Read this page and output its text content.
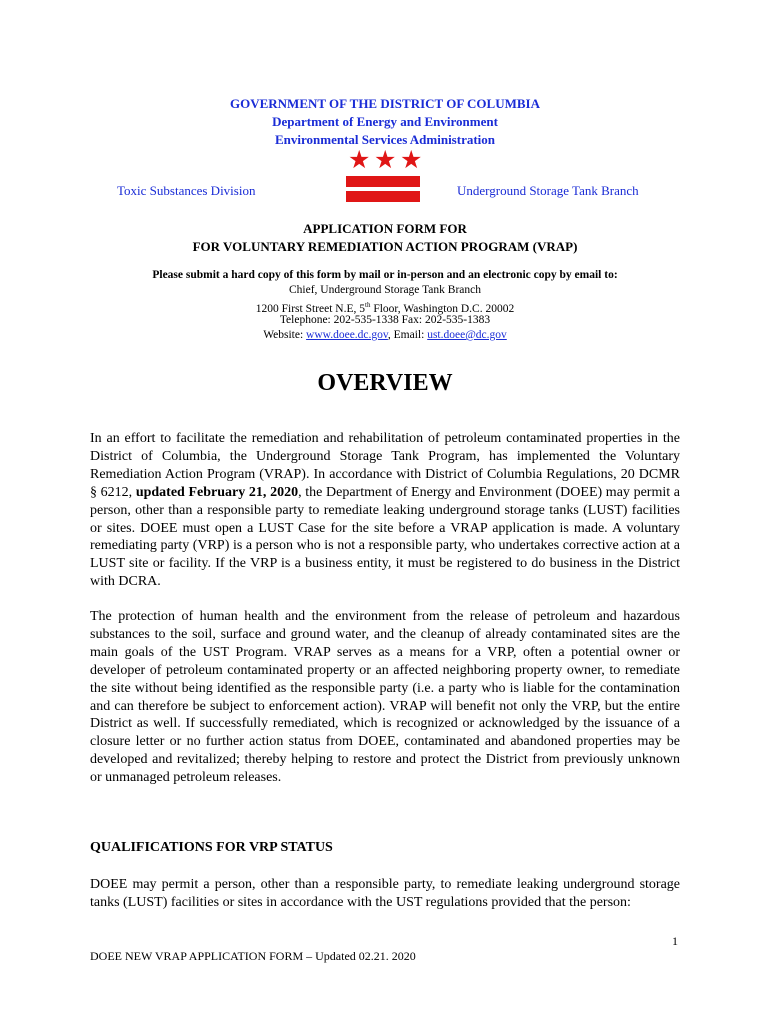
GOVERNMENT OF THE DISTRICT OF COLUMBIA
Department of Energy and Environment
Environmental Services Administration
★ ★ ★
Toxic Substances Division	Underground Storage Tank Branch
APPLICATION FORM FOR
FOR VOLUNTARY REMEDIATION ACTION PROGRAM (VRAP)
Please submit a hard copy of this form by mail or in-person and an electronic copy by email to:
Chief, Underground Storage Tank Branch
1200 First Street N.E, 5th Floor, Washington D.C. 20002
Telephone: 202-535-1338 Fax: 202-535-1383
Website: www.doee.dc.gov, Email: ust.doee@dc.gov
OVERVIEW
In an effort to facilitate the remediation and rehabilitation of petroleum contaminated properties in the District of Columbia, the Underground Storage Tank Program, has implemented the Voluntary Remediation Action Program (VRAP). In accordance with District of Columbia Regulations, 20 DCMR § 6212, updated February 21, 2020, the Department of Energy and Environment (DOEE) may permit a person, other than a responsible party to remediate leaking underground storage tanks (LUST) facilities or sites. DOEE must open a LUST Case for the site before a VRAP application is made. A voluntary remediating party (VRP) is a person who is not a responsible party, who undertakes corrective action at a LUST site or facility. If the VRP is a business entity, it must be registered to do business in the District with DCRA.
The protection of human health and the environment from the release of petroleum and hazardous substances to the soil, surface and ground water, and the cleanup of already contaminated sites are the main goals of the UST Program. VRAP serves as a means for a VRP, often a potential owner or developer of petroleum contaminated property or an affected neighboring property owner, to remediate the site without being identified as the responsible party (i.e. a party who is liable for the contamination and can therefore be subject to enforcement action). VRAP will benefit not only the VRP, but the entire District as well. If successfully remediated, which is recognized or acknowledged by the issuance of a closure letter or no further action status from DOEE, contaminated and abandoned properties may be developed and revitalized; thereby helping to restore and protect the District from previously unknown or unmanaged petroleum releases.
QUALIFICATIONS FOR VRP STATUS
DOEE may permit a person, other than a responsible party, to remediate leaking underground storage tanks (LUST) facilities or sites in accordance with the UST regulations provided that the person:
1
DOEE NEW VRAP APPLICATION FORM – Updated 02.21. 2020
